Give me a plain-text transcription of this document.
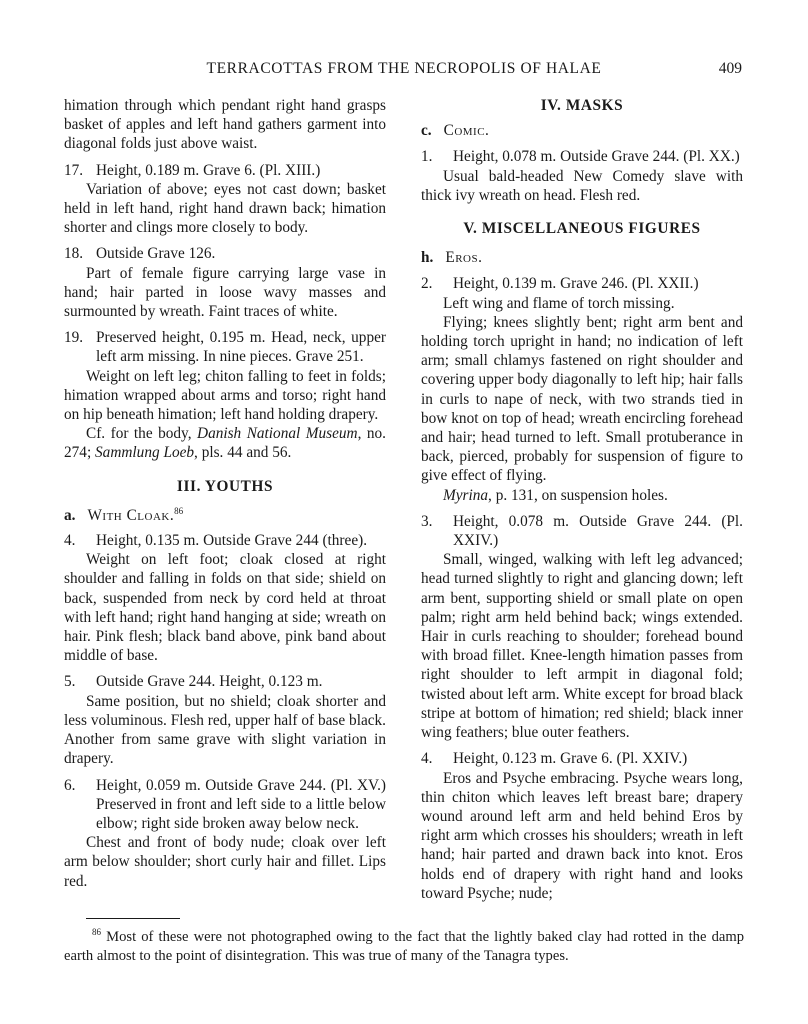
TERRACOTTAS FROM THE NECROPOLIS OF HALAE	409

himation through which pendant right hand grasps basket of apples and left hand gathers garment into diagonal folds just above waist.

17. Height, 0.189 m. Grave 6. (Pl. XIII.)

Variation of above; eyes not cast down; basket held in left hand, right hand drawn back; himation shorter and clings more closely to body.

18. Outside Grave 126.

Part of female figure carrying large vase in hand; hair parted in loose wavy masses and surmounted by wreath. Faint traces of white.

19. Preserved height, 0.195 m. Head, neck, upper left arm missing. In nine pieces. Grave 251.

Weight on left leg; chiton falling to feet in folds; himation wrapped about arms and torso; right hand on hip beneath himation; left hand holding drapery.

Cf. for the body, Danish National Museum, no. 274; Sammlung Loeb, pls. 44 and 56.

III. YOUTHS
a. With Cloak.$^{86}$
4.	Height, 0.135 m. Outside Grave 244 (three).

Weight on left foot; cloak closed at right shoulder and falling in folds on that side; shield on back, suspended from neck by cord held at throat with left hand; right hand hanging at side; wreath on hair. Pink flesh; black band above, pink band about middle of base.

5.	Outside Grave 244. Height, 0.123 m.

Same position, but no shield; cloak shorter and less voluminous. Flesh red, upper half of base black. Another from same grave with slight variation in drapery.

6.	Height, 0.059 m. Outside Grave 244. (Pl. XV.) Preserved in front and left side to a little below elbow; right side broken away below neck.

Chest and front of body nude; cloak over left arm below shoulder; short curly hair and fillet. Lips red.

IV. MASKS
c. Comic.
1.	Height, 0.078 m. Outside Grave 244. (Pl. XX.)

Usual bald-headed New Comedy slave with thick ivy wreath on head. Flesh red.

V. MISCELLANEOUS FIGURES
h. Eros.
2.	Height, 0.139 m. Grave 246. (Pl. XXII.)

Left wing and flame of torch missing.

Flying; knees slightly bent; right arm bent and holding torch upright in hand; no indication of left arm; small chlamys fastened on right shoulder and covering upper body diagonally to left hip; hair falls in curls to nape of neck, with two strands tied in bow knot on top of head; wreath encircling forehead and hair; head turned to left. Small protuberance in back, pierced, probably for suspension of figure to give effect of flying.

Myrina, p. 131, on suspension holes.

3.	Height, 0.078 m. Outside Grave 244. (Pl. XXIV.)

Small, winged, walking with left leg advanced; head turned slightly to right and glancing down; left arm bent, supporting shield or small plate on open palm; right arm held behind back; wings extended. Hair in curls reaching to shoulder; forehead bound with broad fillet. Knee-length himation passes from right shoulder to left armpit in diagonal fold; twisted about left arm. White except for broad black stripe at bottom of himation; red shield; black inner wing feathers; blue outer feathers.

4.	Height, 0.123 m. Grave 6. (Pl. XXIV.)

Eros and Psyche embracing. Psyche wears long, thin chiton which leaves left breast bare; drapery wound around left arm and held behind Eros by right arm which crosses his shoulders; wreath in left hand; hair parted and drawn back into knot. Eros holds end of drapery with right hand and looks toward Psyche; nude;

$^{86}$ Most of these were not photographed owing to the fact that the lightly baked clay had rotted in the damp earth almost to the point of disintegration. This was true of many of the Tanagra types.
